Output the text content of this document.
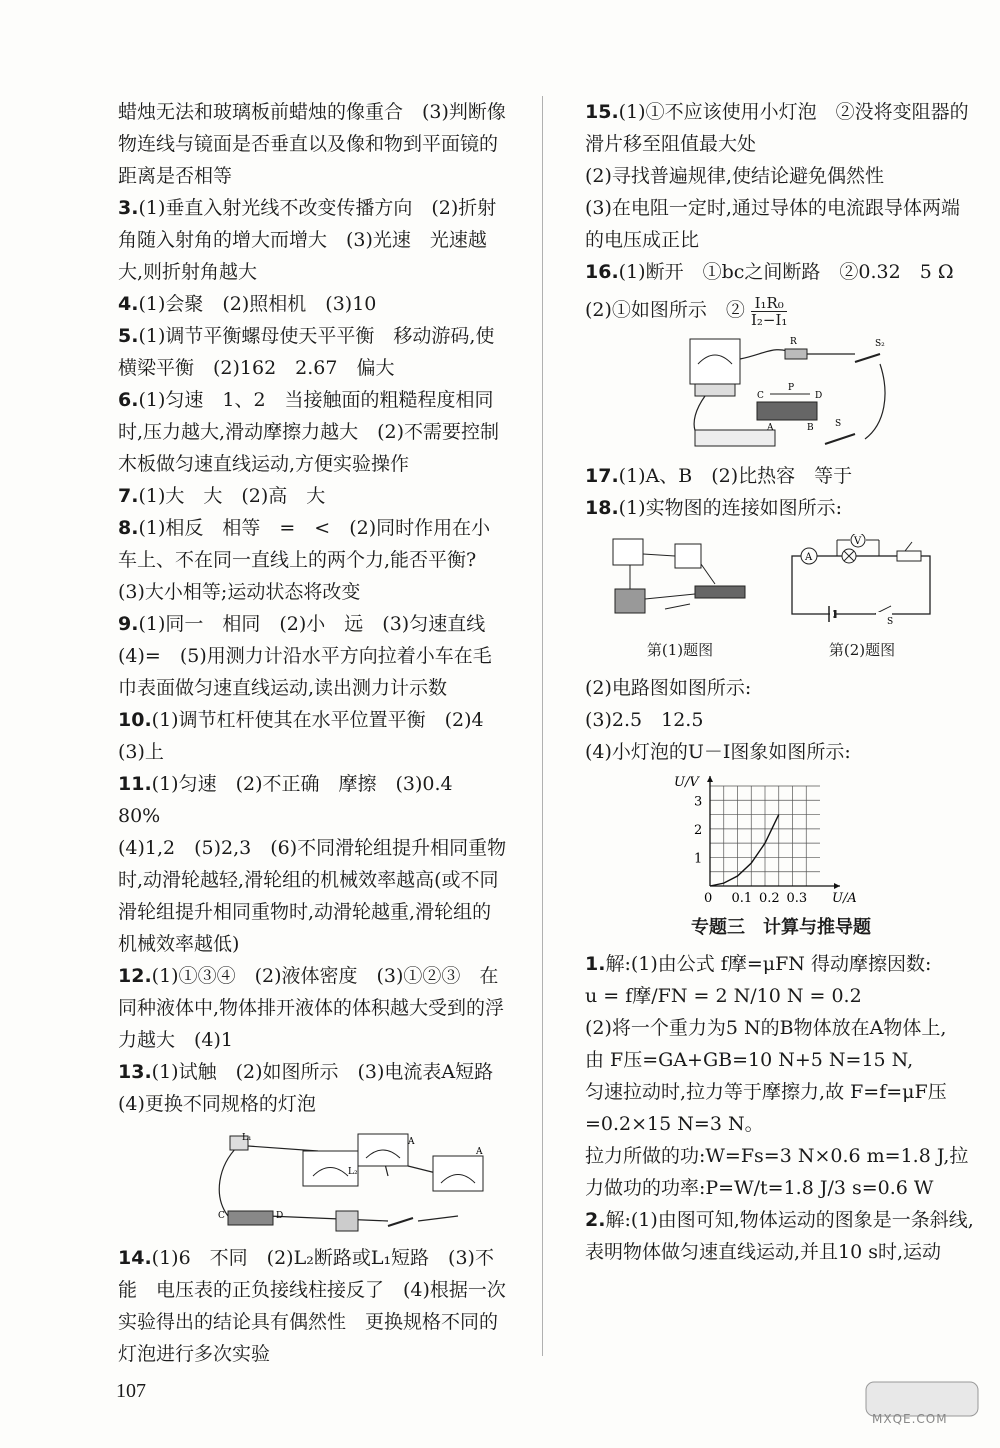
蜡烛无法和玻璃板前蜡烛的像重合　(3)判断像物连线与镜面是否垂直以及像和物到平面镜的距离是否相等

3.(1)垂直入射光线不改变传播方向　(2)折射角随入射角的增大而增大　(3)光速　光速越大,则折射角越大

4.(1)会聚　(2)照相机　(3)10

5.(1)调节平衡螺母使天平平衡　移动游码,使横梁平衡　(2)162　2.67　偏大

6.(1)匀速　1、2　当接触面的粗糙程度相同时,压力越大,滑动摩擦力越大　(2)不需要控制木板做匀速直线运动,方便实验操作

7.(1)大　大　(2)高　大

8.(1)相反　相等　=　<　(2)同时作用在小车上、不在同一直线上的两个力,能否平衡?

(3)大小相等;运动状态将改变

9.(1)同一　相同　(2)小　远　(3)匀速直线

(4)=　(5)用测力计沿水平方向拉着小车在毛巾表面做匀速直线运动,读出测力计示数

10.(1)调节杠杆使其在水平位置平衡　(2)4

(3)上

11.(1)匀速　(2)不正确　摩擦　(3)0.4　80%

(4)1,2　(5)2,3　(6)不同滑轮组提升相同重物时,动滑轮越轻,滑轮组的机械效率越高(或不同滑轮组提升相同重物时,动滑轮越重,滑轮组的机械效率越低)

12.(1)①③④　(2)液体密度　(3)①②③　在同种液体中,物体排开液体的体积越大受到的浮力越大　(4)1

13.(1)试触　(2)如图所示　(3)电流表A短路

(4)更换不同规格的灯泡

L₁
L₂
A
A
C	D

14.(1)6　不同　(2)L₂断路或L₁短路　(3)不能　电压表的正负接线柱接反了　(4)根据一次实验得出的结论具有偶然性　更换规格不同的灯泡进行多次实验

15.(1)①不应该使用小灯泡　②没将变阻器的滑片移至阻值最大处

(2)寻找普遍规律,使结论避免偶然性

(3)在电阻一定时,通过导体的电流跟导体两端的电压成正比

16.(1)断开　①bc之间断路　②0.32　5 Ω

(2)①如图所示　② $\frac{\text{I₁R₀}}{\text{I₂−I₁}}$

R	S₂
S
C
P
D
A	B

17.(1)A、B　(2)比热容　等于

18.(1)实物图的连接如图所示:

第(1)题图
A
V
S
第(2)题图

(2)电路图如图所示:

(3)2.5　12.5

(4)小灯泡的U－I图象如图所示:

0 0.1 0.2 0.3
1
2
3
U/A
U/V
专题三　计算与推导题

1.解:(1)由公式 f摩=μFN 得动摩擦因数:

u = f摩/FN = 2 N/10 N = 0.2

(2)将一个重力为5 N的B物体放在A物体上,

由 F压=GA+GB=10 N+5 N=15 N,

匀速拉动时,拉力等于摩擦力,故 F=f=μF压=0.2×15 N=3 N。

拉力所做的功:W=Fs=3 N×0.6 m=1.8 J,拉力做功的功率:P=W/t=1.8 J/3 s=0.6 W

2.解:(1)由图可知,物体运动的图象是一条斜线,表明物体做匀速直线运动,并且10 s时,运动

107
MXQE.COM
